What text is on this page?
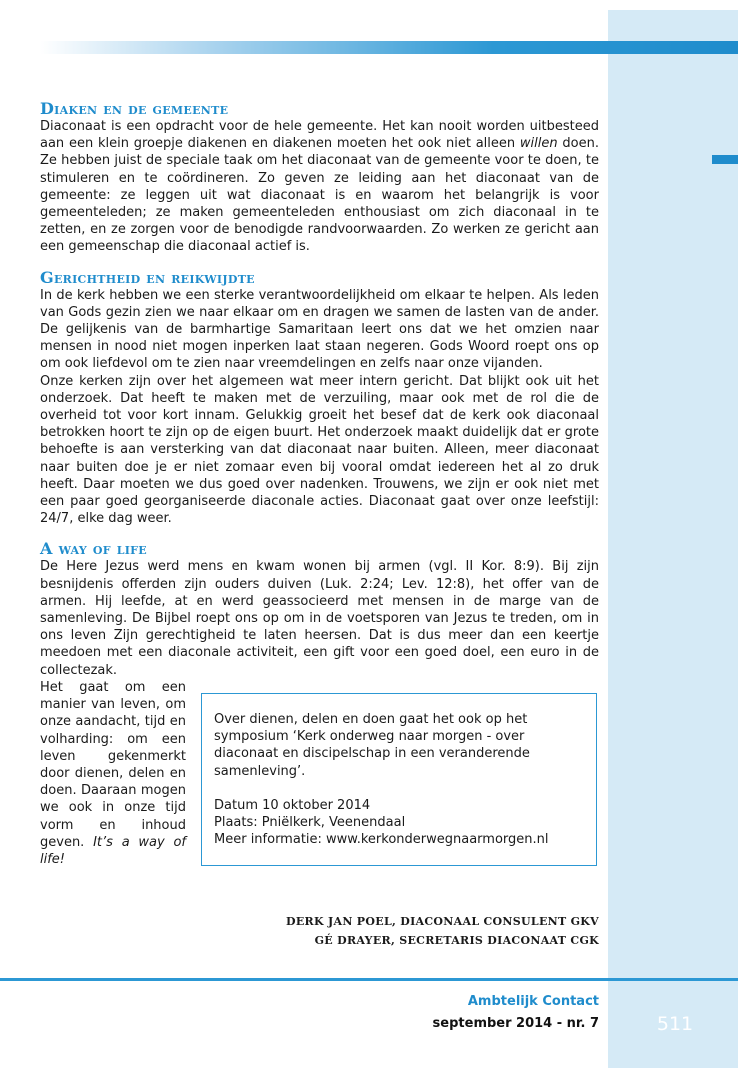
Diaken en de gemeente

Diaconaat is een opdracht voor de hele gemeente. Het kan nooit worden uitbesteed aan een klein groepje diakenen en diakenen moeten het ook niet alleen willen doen. Ze hebben juist de speciale taak om het diaconaat van de gemeente voor te doen, te stimuleren en te coördineren. Zo geven ze leiding aan het diaconaat van de gemeente: ze leggen uit wat diaconaat is en waarom het belangrijk is voor gemeenteleden; ze maken gemeenteleden enthousiast om zich diaconaal in te zetten, en ze zorgen voor de benodigde randvoorwaarden. Zo werken ze gericht aan een gemeenschap die diaconaal actief is.

Gerichtheid en reikwijdte

In de kerk hebben we een sterke verantwoordelijkheid om elkaar te helpen. Als leden van Gods gezin zien we naar elkaar om en dragen we samen de lasten van de ander. De gelijkenis van de barmhartige Samaritaan leert ons dat we het omzien naar mensen in nood niet mogen inperken laat staan negeren. Gods Woord roept ons op om ook liefdevol om te zien naar vreemdelingen en zelfs naar onze vijanden.

Onze kerken zijn over het algemeen wat meer intern gericht. Dat blijkt ook uit het onderzoek. Dat heeft te maken met de verzuiling, maar ook met de rol die de overheid tot voor kort innam. Gelukkig groeit het besef dat de kerk ook diaconaal betrokken hoort te zijn op de eigen buurt. Het onderzoek maakt duidelijk dat er grote behoefte is aan versterking van dat diaconaat naar buiten. Alleen, meer diaconaat naar buiten doe je er niet zomaar even bij vooral omdat iedereen het al zo druk heeft. Daar moeten we dus goed over nadenken. Trouwens, we zijn er ook niet met een paar goed georganiseerde diaconale acties. Diaconaat gaat over onze leefstijl: 24/7, elke dag weer.

A way of life

De Here Jezus werd mens en kwam wonen bij armen (vgl. II Kor. 8:9). Bij zijn besnijdenis offerden zijn ouders duiven (Luk. 2:24; Lev. 12:8), het offer van de armen. Hij leefde, at en werd geassocieerd met mensen in de marge van de samenleving. De Bijbel roept ons op om in de voetsporen van Jezus te treden, om in ons leven Zijn gerechtigheid te laten heersen. Dat is dus meer dan een keertje meedoen met een diaconale activiteit, een gift voor een goed doel, een euro in de collectezak.

Het gaat om een manier van leven, om onze aandacht, tijd en volharding: om een leven gekenmerkt door dienen, delen en doen. Daaraan mogen we ook in onze tijd vorm en inhoud geven. It’s a way of life!

Over dienen, delen en doen gaat het ook op het symposium ‘Kerk onderweg naar morgen - over diaconaat en discipelschap in een veranderende samenleving’.

Datum 10 oktober 2014

Plaats: Pniëlkerk, Veenendaal

Meer informatie: www.kerkonderwegnaarmorgen.nl

DERK JAN POEL, DIACONAAL CONSULENT GKV
GÉ DRAYER, SECRETARIS DIACONAAT CGK
Ambtelijk Contact
september 2014 - nr. 7	511
